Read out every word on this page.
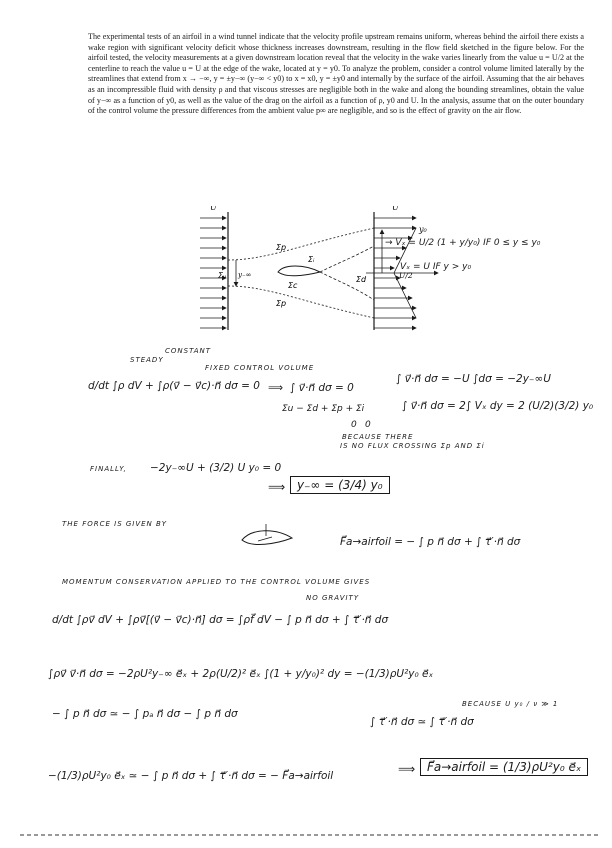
The experimental tests of an airfoil in a wind tunnel indicate that the velocity profile upstream remains uniform, whereas behind the airfoil there exists a wake region with significant velocity deficit whose thickness increases downstream, resulting in the flow field sketched in the figure below. For the airfoil tested, the velocity measurements at a given downstream location reveal that the velocity in the wake varies linearly from the value u = U/2 at the centerline to reach the value u = U at the edge of the wake, located at y = y0. To analyze the problem, consider a control volume limited laterally by the streamlines that extend from x → −∞, y = ±y−∞ (y−∞ < y0) to x = x0, y = ±y0 and internally by the surface of the airfoil. Assuming that the air behaves as an incompressible fluid with density ρ and that viscous stresses are negligible both in the wake and along the bounding streamlines, obtain the value of y−∞ as a function of y0, as well as the value of the drag on the airfoil as a function of ρ, y0 and U. In the analysis, assume that on the outer boundary of the control volume the pressure differences from the ambient value p∞ are negligible, and so is the effect of gravity on the air flow.

U	U
y₀
U/2
Σᵤ	Σd
Σp
Σp
Σᵢ
Σc
y₋∞
→ Vₓ = U/2 (1 + y/y₀) IF 0 ≤ y ≤ y₀
Vₓ = U IF y > y₀
STEADY
CONSTANT
FIXED CONTROL VOLUME
d/dt ∫ρ dV + ∫ρ(v⃗ − v⃗c)·n⃗ dσ = 0 ⟹ ∫ v⃗·n⃗ dσ = 0
Σu − Σd + Σp + Σi
0 0
BECAUSE THERE
IS NO FLUX CROSSING Σp AND Σi
∫ v⃗·n⃗ dσ = −U ∫dσ = −2y₋∞U
∫ v⃗·n⃗ dσ = 2∫ Vₓ dy = 2 (U/2)(3/2) y₀
FINALLY, −2y₋∞U + (3/2) U y₀ = 0
⟹ y₋∞ = (3/4) y₀
THE FORCE IS GIVEN BY
F⃗a→airfoil = − ∫ p n⃗ dσ + ∫ τ⃗′·n⃗ dσ
MOMENTUM CONSERVATION APPLIED TO THE CONTROL VOLUME GIVES
NO GRAVITY
d/dt ∫ρv⃗ dV + ∫ρv⃗[(v⃗ − v⃗c)·n⃗] dσ = ∫ρf⃗ dV − ∫ p n⃗ dσ + ∫ τ⃗′·n⃗ dσ
∫ρv⃗ v⃗·n⃗ dσ = −2ρU²y₋∞ e⃗ₓ + 2ρ(U/2)² e⃗ₓ ∫(1 + y/y₀)² dy = −(1/3)ρU²y₀ e⃗ₓ
− ∫ p n⃗ dσ ≃ − ∫ pₐ n⃗ dσ − ∫ p n⃗ dσ
∫ τ⃗′·n⃗ dσ ≃ ∫ τ⃗′·n⃗ dσ
BECAUSE U y₀ / ν ≫ 1
−(1/3)ρU²y₀ e⃗ₓ ≃ − ∫ p n⃗ dσ + ∫ τ⃗′·n⃗ dσ = − F⃗a→airfoil	⟹ F⃗a→airfoil = (1/3)ρU²y₀ e⃗ₓ
